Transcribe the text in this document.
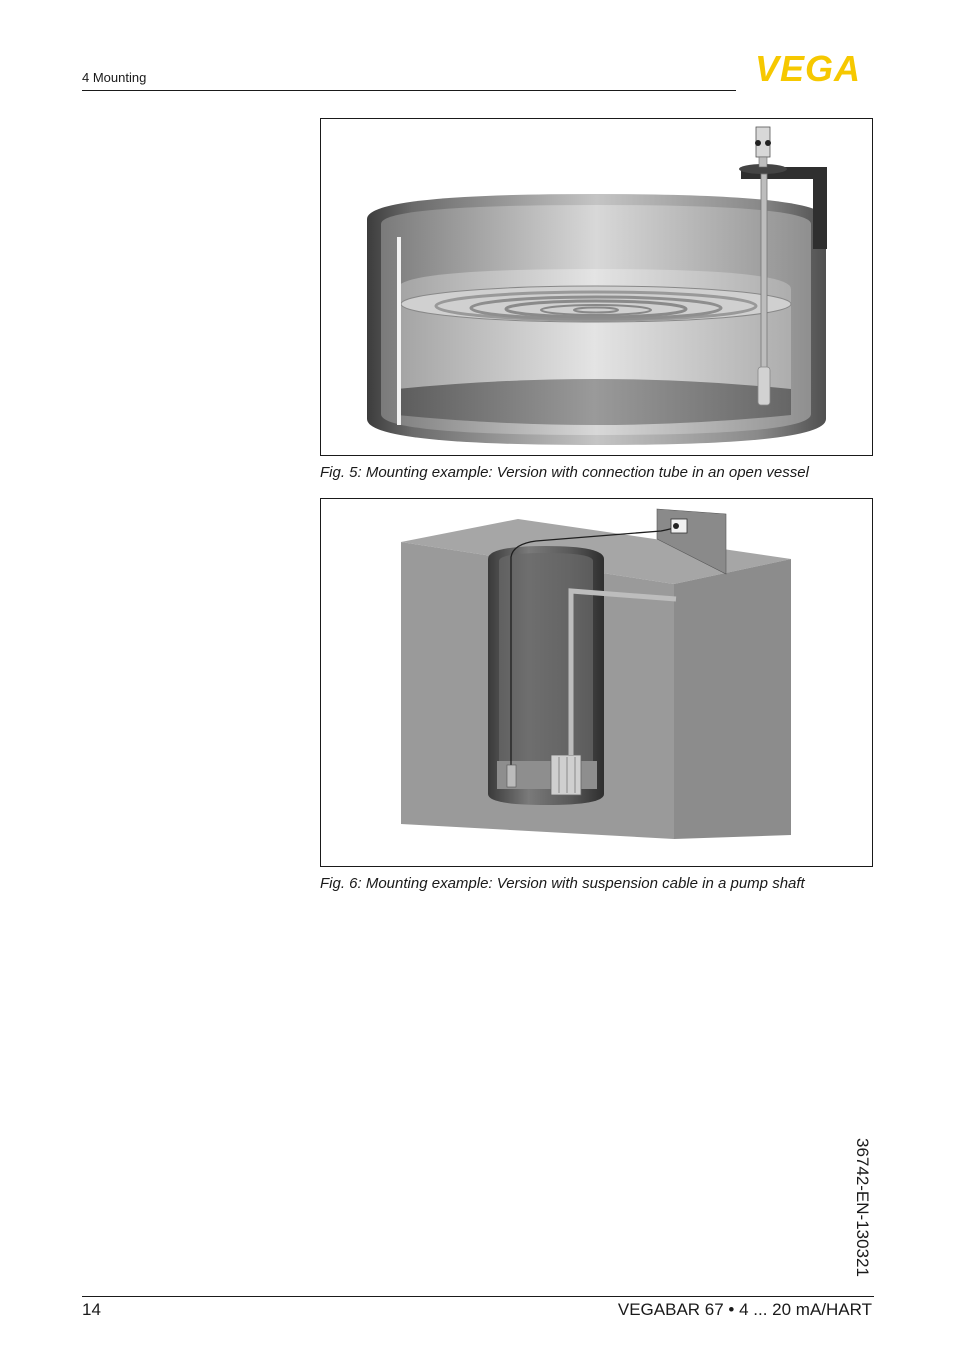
4 Mounting	VEGA
Fig. 5: Mounting example: Version with connection tube in an open vessel
Fig. 6: Mounting example: Version with suspension cable in a pump shaft
36742-EN-130321
14	VEGABAR 67 • 4 ... 20 mA/HART
